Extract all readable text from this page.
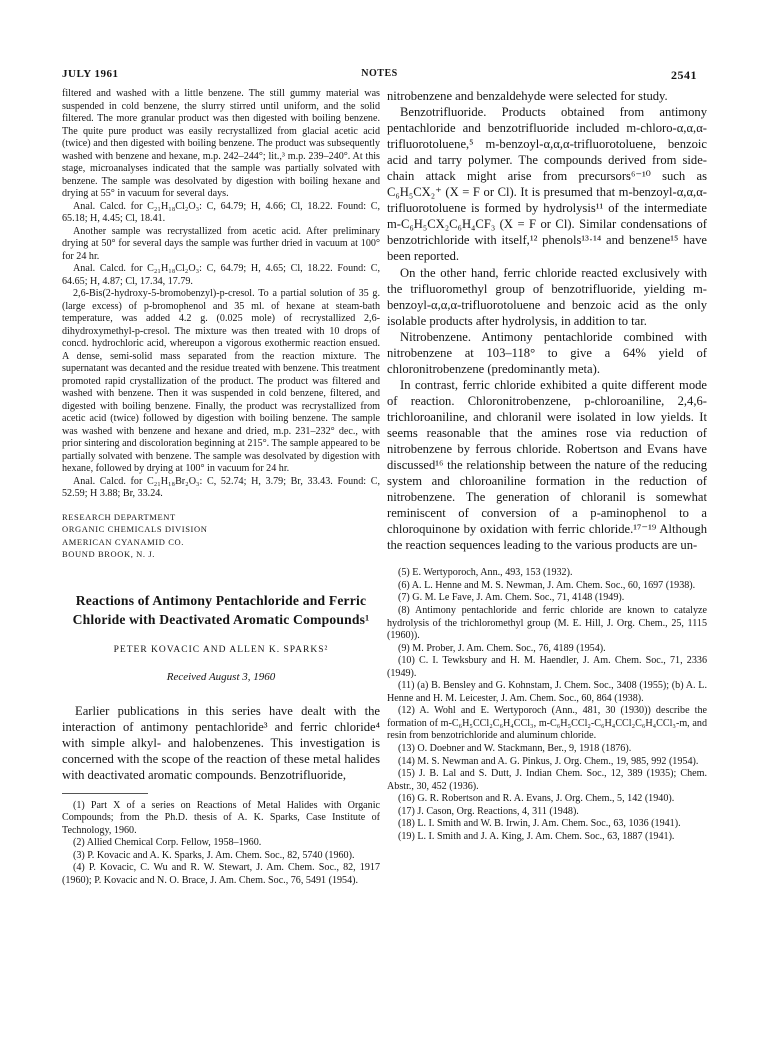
JULY 1961	NOTES	2541

filtered and washed with a little benzene. The still gummy material was suspended in cold benzene, the slurry stirred until uniform, and the solid filtered. The more granular product was then digested with boiling benzene. The quite pure product was easily recrystallized from glacial acetic acid (twice) and then digested with boiling benzene. The product was subsequently washed with benzene and hexane, m.p. 242–244°; lit.,³ m.p. 239–240°. At this stage, microanalyses indicated that the sample was partially solvated with benzene. The sample was desolvated by digestion with boiling hexane and drying at 55° in vacuum for several days.

Anal. Calcd. for C₂₁H₁₈Cl₂O₃: C, 64.79; H, 4.66; Cl, 18.22. Found: C, 65.18; H, 4.45; Cl, 18.41.

Another sample was recrystallized from acetic acid. After preliminary drying at 50° for several days the sample was further dried in vacuum at 100° for 24 hr.

Anal. Calcd. for C₂₁H₁₈Cl₂O₃: C, 64.79; H, 4.65; Cl, 18.22. Found: C, 64.65; H, 4.87; Cl, 17.34, 17.79.

2,6-Bis(2-hydroxy-5-bromobenzyl)-p-cresol. To a partial solution of 35 g. (large excess) of p-bromophenol and 35 ml. of hexane at steam-bath temperature, was added 4.2 g. (0.025 mole) of recrystallized 2,6-dihydroxymethyl-p-cresol. The mixture was then treated with 10 drops of concd. hydrochloric acid, whereupon a vigorous exothermic reaction ensued. A dense, semi-solid mass separated from the reaction mixture. The supernatant was decanted and the residue treated with benzene. This treatment promoted rapid crystallization of the product. The product was filtered and washed with benzene. Then it was suspended in cold benzene, filtered, and digested with boiling benzene. Finally, the product was recrystallized from acetic acid (twice) followed by digestion with boiling benzene. The sample was washed with benzene and hexane and dried, m.p. 231–232° dec., with prior sintering and discoloration beginning at 215°. The sample appeared to be partially solvated with benzene. The sample was desolvated by digestion with hexane, followed by drying at 100° in vacuum for 24 hr.

Anal. Calcd. for C₂₁H₁₈Br₂O₃: C, 52.74; H, 3.79; Br, 33.43. Found: C, 52.59; H 3.88; Br, 33.24.

RESEARCH DEPARTMENT
ORGANIC CHEMICALS DIVISION
AMERICAN CYANAMID CO.
BOUND BROOK, N. J.
Reactions of Antimony Pentachloride and Ferric Chloride with Deactivated Aromatic Compounds¹
PETER KOVACIC AND ALLEN K. SPARKS²
Received August 3, 1960

Earlier publications in this series have dealt with the interaction of antimony pentachloride³ and ferric chloride⁴ with simple alkyl- and halobenzenes. This investigation is concerned with the scope of the reaction of these metal halides with deactivated aromatic compounds. Benzotrifluoride,

(1) Part X of a series on Reactions of Metal Halides with Organic Compounds; from the Ph.D. thesis of A. K. Sparks, Case Institute of Technology, 1960.

(2) Allied Chemical Corp. Fellow, 1958–1960.

(3) P. Kovacic and A. K. Sparks, J. Am. Chem. Soc., 82, 5740 (1960).

(4) P. Kovacic, C. Wu and R. W. Stewart, J. Am. Chem. Soc., 82, 1917 (1960); P. Kovacic and N. O. Brace, J. Am. Chem. Soc., 76, 5491 (1954).

nitrobenzene and benzaldehyde were selected for study.

Benzotrifluoride. Products obtained from antimony pentachloride and benzotrifluoride included m-chloro-α,α,α-trifluorotoluene,⁵ m-benzoyl-α,α,α-trifluorotoluene, benzoic acid and tarry polymer. The compounds derived from side-chain attack might arise from precursors⁶⁻¹⁰ such as C₆H₅CX₂⁺ (X = F or Cl). It is presumed that m-benzoyl-α,α,α-trifluorotoluene is formed by hydrolysis¹¹ of the intermediate m-C₆H₅CX₂C₆H₄CF₃ (X = F or Cl). Similar condensations of benzotrichloride with itself,¹² phenols¹³·¹⁴ and benzene¹⁵ have been reported.

On the other hand, ferric chloride reacted exclusively with the trifluoromethyl group of benzotrifluoride, yielding m-benzoyl-α,α,α-trifluorotoluene and benzoic acid as the only isolable products after hydrolysis, in addition to tar.

Nitrobenzene. Antimony pentachloride combined with nitrobenzene at 103–118° to give a 64% yield of chloronitrobenzene (predominantly meta).

In contrast, ferric chloride exhibited a quite different mode of reaction. Chloronitrobenzene, p-chloroaniline, 2,4,6-trichloroaniline, and chloranil were isolated in low yields. It seems reasonable that the amines rose via reduction of nitrobenzene by ferrous chloride. Robertson and Evans have discussed¹⁶ the relationship between the nature of the reducing system and chloroaniline formation in the reduction of nitrobenzene. The generation of chloranil is somewhat reminiscent of conversion of a p-aminophenol to a chloroquinone by oxidation with ferric chloride.¹⁷⁻¹⁹ Although the reaction sequences leading to the various products are un-

(5) E. Wertyporoch, Ann., 493, 153 (1932).

(6) A. L. Henne and M. S. Newman, J. Am. Chem. Soc., 60, 1697 (1938).

(7) G. M. Le Fave, J. Am. Chem. Soc., 71, 4148 (1949).

(8) Antimony pentachloride and ferric chloride are known to catalyze hydrolysis of the trichloromethyl group (M. E. Hill, J. Org. Chem., 25, 1115 (1960)).

(9) M. Prober, J. Am. Chem. Soc., 76, 4189 (1954).

(10) C. I. Tewksbury and H. M. Haendler, J. Am. Chem. Soc., 71, 2336 (1949).

(11) (a) B. Bensley and G. Kohnstam, J. Chem. Soc., 3408 (1955); (b) A. L. Henne and H. M. Leicester, J. Am. Chem. Soc., 60, 864 (1938).

(12) A. Wohl and E. Wertyporoch (Ann., 481, 30 (1930)) describe the formation of m-C₆H₅CCl₂C₆H₄CCl₃, m-C₆H₅CCl₂-C₆H₄CCl₂C₆H₄CCl₃-m, and resin from benzotrichloride and aluminum chloride.

(13) O. Doebner and W. Stackmann, Ber., 9, 1918 (1876).

(14) M. S. Newman and A. G. Pinkus, J. Org. Chem., 19, 985, 992 (1954).

(15) J. B. Lal and S. Dutt, J. Indian Chem. Soc., 12, 389 (1935); Chem. Abstr., 30, 452 (1936).

(16) G. R. Robertson and R. A. Evans, J. Org. Chem., 5, 142 (1940).

(17) J. Cason, Org. Reactions, 4, 311 (1948).

(18) L. I. Smith and W. B. Irwin, J. Am. Chem. Soc., 63, 1036 (1941).

(19) L. I. Smith and J. A. King, J. Am. Chem. Soc., 63, 1887 (1941).
